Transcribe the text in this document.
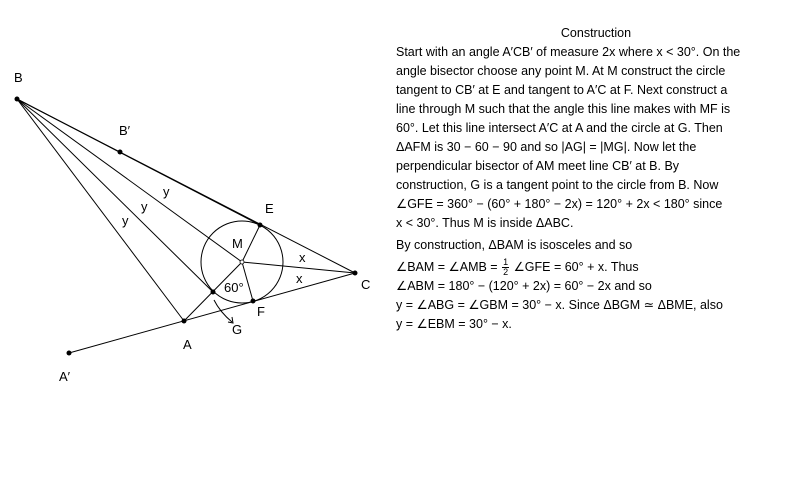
B
B′
E
M
C
F
G
A
A′
y
y
y
x
x
60°
Construction

Start with an angle A′CB′ of measure 2x where x < 30°. On the

angle bisector choose any point M. At M construct the circle

tangent to CB′ at E and tangent to A′C at F. Next construct a

line through M such that the angle this line makes with MF is

60°. Let this line intersect A′C at A and the circle at G. Then

ΔAFM is 30 − 60 − 90 and so |AG| = |MG|. Now let the

perpendicular bisector of AM meet line CB′ at B. By

construction, G is a tangent point to the circle from B. Now

∠GFE = 360° − (60° + 180° − 2x) = 120° + 2x < 180° since

x < 30°. Thus M is inside ΔABC.

By construction, ΔBAM is isosceles and so

∠BAM = ∠AMB = $\frac{1}{2}$ ∠GFE = 60° + x. Thus

∠ABM = 180° − (120° + 2x) = 60° − 2x and so

y = ∠ABG = ∠GBM = 30° − x. Since ΔBGM ≃ ΔBME, also

y = ∠EBM = 30° − x.
